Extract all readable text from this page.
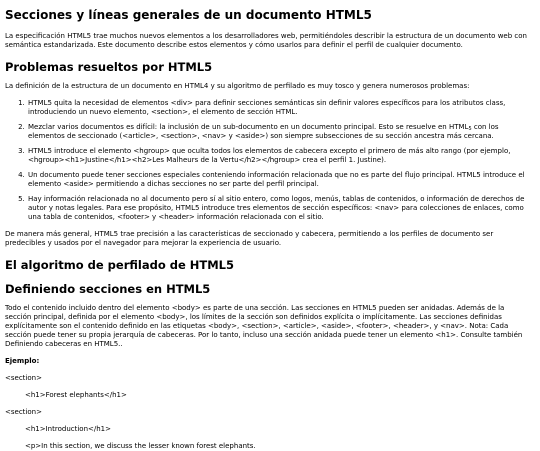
Secciones y líneas generales de un documento HTML5

La especificación HTML5 trae muchos nuevos elementos a los desarrolladores web, permitiéndoles describir la estructura de un documento web con semántica estandarizada. Este documento describe estos elementos y cómo usarlos para definir el perfil de cualquier documento.

Problemas resueltos por HTML5

La definición de la estructura de un documento en HTML4 y su algoritmo de perfilado es muy tosco y genera numerosos problemas:

1. HTML5 quita la necesidad de elementos <div> para definir secciones semánticas sin definir valores específicos para los atributos class, introduciendo un nuevo elemento, <section>, el elemento de sección HTML.
2. Mezclar varios documentos es difícil: la inclusión de un sub-documento en un documento principal. Esto se resuelve en $HTML_5$ con los elementos de seccionado (<article>, <section>, <nav> y <aside>) son siempre subsecciones de su sección ancestra más cercana.
3. HTML5 introduce el elemento <hgroup> que oculta todos los elementos de cabecera excepto el primero de más alto rango (por ejemplo, <hgroup><h1>Justine</h1><h2>Les Malheurs de la Vertu</h2></hgroup> crea el perfil 1. Justine).
4. Un documento puede tener secciones especiales conteniendo información relacionada que no es parte del flujo principal. HTML5 introduce el elemento <aside> permitiendo a dichas secciones no ser parte del perfil principal.
5. Hay información relacionada no al documento pero sí al sitio entero, como logos, menús, tablas de contenidos, o información de derechos de autor y notas legales. Para ese propósito, HTML5 introduce tres elementos de sección específicos: <nav> para colecciones de enlaces, como una tabla de contenidos, <footer> y <header> información relacionada con el sitio.

De manera más general, HTML5 trae precisión a las características de seccionado y cabecera, permitiendo a los perfiles de documento ser predecibles y usados por el navegador para mejorar la experiencia de usuario.

El algoritmo de perfilado de HTML5
Definiendo secciones en HTML5

Todo el contenido incluido dentro del elemento <body> es parte de una sección. Las secciones en HTML5 pueden ser anidadas. Además de la sección principal, definida por el elemento <body>, los límites de la sección son definidos explícita o implícitamente. Las secciones definidas explícitamente son el contenido definido en las etiquetas <body>, <section>, <article>, <aside>, <footer>, <header>, y <nav>. Nota: Cada sección puede tener su propia jerarquía de cabeceras. Por lo tanto, incluso una sección anidada puede tener un elemento <h1>. Consulte también Definiendo cabeceras en HTML5..

Ejemplo:

<section>
<h1>Forest elephants</h1>
<section>
<h1>Introduction</h1>
<p>In this section, we discuss the lesser known forest elephants.
